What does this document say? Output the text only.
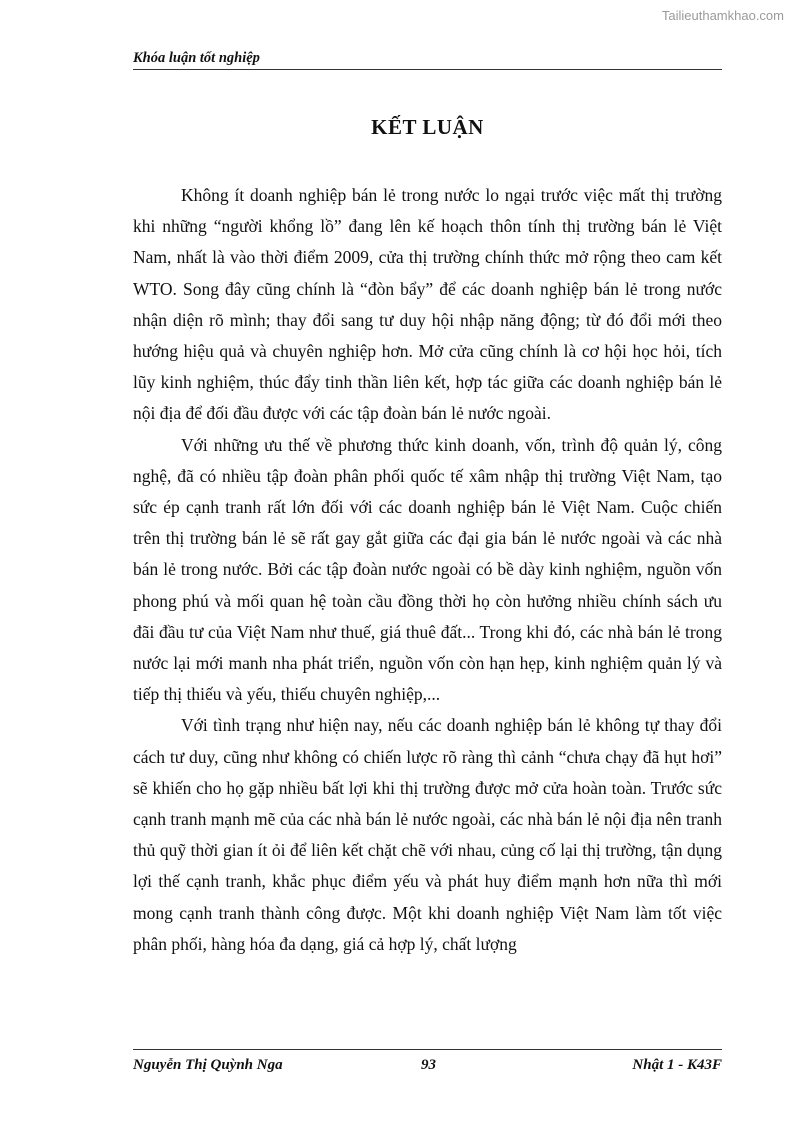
Tailieuthamkhao.com
Khóa luận tốt nghiệp
KẾT LUẬN

Không ít doanh nghiệp bán lẻ trong nước lo ngại trước việc mất thị trường khi những “người khổng lồ” đang lên kế hoạch thôn tính thị trường bán lẻ Việt Nam, nhất là vào thời điểm 2009, cửa thị trường chính thức mở rộng theo cam kết WTO. Song đây cũng chính là “đòn bẩy” để các doanh nghiệp bán lẻ trong nước nhận diện rõ mình; thay đổi sang tư duy hội nhập năng động; từ đó đổi mới theo hướng hiệu quả và chuyên nghiệp hơn. Mở cửa cũng chính là cơ hội học hỏi, tích lũy kinh nghiệm, thúc đẩy tinh thần liên kết, hợp tác giữa các doanh nghiệp bán lẻ nội địa để đối đầu được với các tập đoàn bán lẻ nước ngoài.

Với những ưu thế về phương thức kinh doanh, vốn, trình độ quản lý, công nghệ, đã có nhiều tập đoàn phân phối quốc tế xâm nhập thị trường Việt Nam, tạo sức ép cạnh tranh rất lớn đối với các doanh nghiệp bán lẻ Việt Nam. Cuộc chiến trên thị trường bán lẻ sẽ rất gay gắt giữa các đại gia bán lẻ nước ngoài và các nhà bán lẻ trong nước. Bởi các tập đoàn nước ngoài có bề dày kinh nghiệm, nguồn vốn phong phú và mối quan hệ toàn cầu đồng thời họ còn hưởng nhiều chính sách ưu đãi đầu tư của Việt Nam như thuế, giá thuê đất... Trong khi đó, các nhà bán lẻ trong nước lại mới manh nha phát triển, nguồn vốn còn hạn hẹp, kinh nghiệm quản lý và tiếp thị thiếu và yếu, thiếu chuyên nghiệp,...

Với tình trạng như hiện nay, nếu các doanh nghiệp bán lẻ không tự thay đổi cách tư duy, cũng như không có chiến lược rõ ràng thì cảnh “chưa chạy đã hụt hơi” sẽ khiến cho họ gặp nhiều bất lợi khi thị trường được mở cửa hoàn toàn. Trước sức cạnh tranh mạnh mẽ của các nhà bán lẻ nước ngoài, các nhà bán lẻ nội địa nên tranh thủ quỹ thời gian ít ỏi để liên kết chặt chẽ với nhau, củng cố lại thị trường, tận dụng lợi thế cạnh tranh, khắc phục điểm yếu và phát huy điểm mạnh hơn nữa thì mới mong cạnh tranh thành công được. Một khi doanh nghiệp Việt Nam làm tốt việc phân phối, hàng hóa đa dạng, giá cả hợp lý, chất lượng

Nguyễn Thị Quỳnh Nga	93	Nhật 1 - K43F
